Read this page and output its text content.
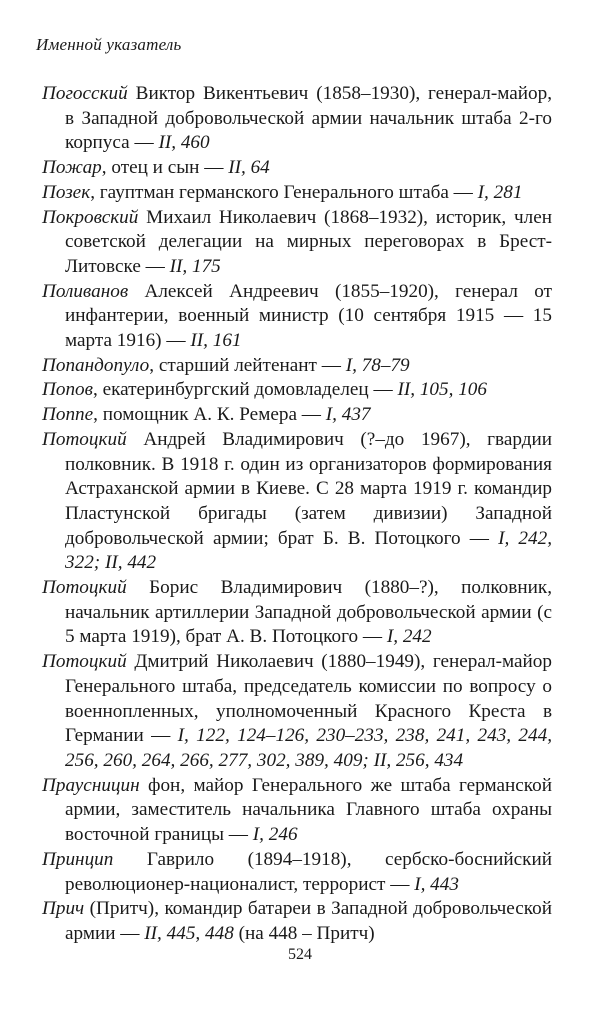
Именной указатель

Погосский Виктор Викентьевич (1858–1930), генерал-майор, в Западной добровольческой армии начальник штаба 2-го корпуса — II, 460

Пожар, отец и сын — II, 64

Позек, гауптман германского Генерального штаба — I, 281

Покровский Михаил Николаевич (1868–1932), историк, член советской делегации на мирных переговорах в Брест-Литовске — II, 175

Поливанов Алексей Андреевич (1855–1920), генерал от инфантерии, военный министр (10 сентября 1915 — 15 марта 1916) — II, 161

Попандопуло, старший лейтенант — I, 78–79

Попов, екатеринбургский домовладелец — II, 105, 106

Поппе, помощник А. К. Ремера — I, 437

Потоцкий Андрей Владимирович (?–до 1967), гвардии полковник. В 1918 г. один из организаторов формирования Астраханской армии в Киеве. С 28 марта 1919 г. командир Пластунской бригады (затем дивизии) Западной добровольческой армии; брат Б. В. Потоцкого — I, 242, 322; II, 442

Потоцкий Борис Владимирович (1880–?), полковник, начальник артиллерии Западной добровольческой армии (с 5 марта 1919), брат А. В. Потоцкого — I, 242

Потоцкий Дмитрий Николаевич (1880–1949), генерал-майор Генерального штаба, председатель комиссии по вопросу о военнопленных, уполномоченный Красного Креста в Германии — I, 122, 124–126, 230–233, 238, 241, 243, 244, 256, 260, 264, 266, 277, 302, 389, 409; II, 256, 434

Праусницин фон, майор Генерального же штаба германской армии, заместитель начальника Главного штаба охраны восточной границы — I, 246

Принцип Гаврило (1894–1918), сербско-боснийский революционер-националист, террорист — I, 443

Прич (Притч), командир батареи в Западной добровольческой армии — II, 445, 448 (на 448 – Притч)

524
